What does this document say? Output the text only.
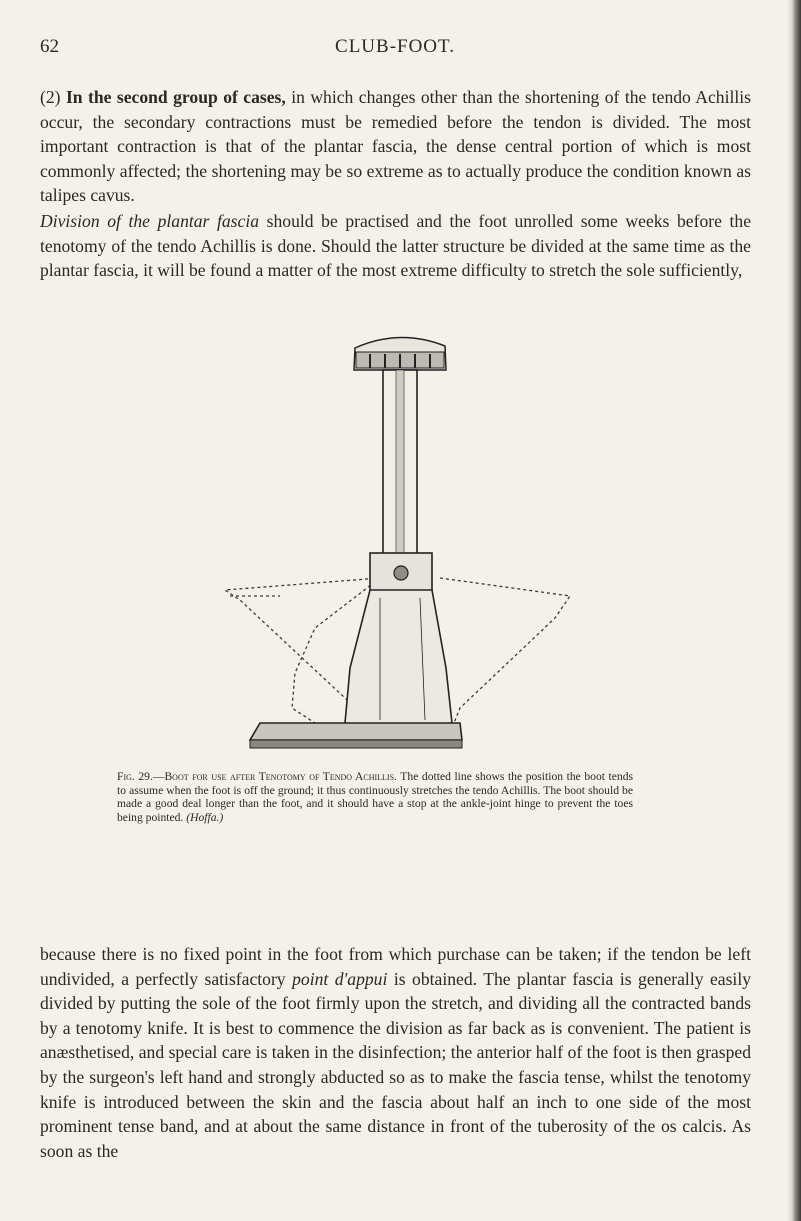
62	CLUB-FOOT.

(2) In the second group of cases, in which changes other than the shortening of the tendo Achillis occur, the secondary contractions must be remedied before the tendon is divided. The most important contraction is that of the plantar fascia, the dense central portion of which is most commonly affected; the shortening may be so extreme as to actually produce the condition known as talipes cavus.

Division of the plantar fascia should be practised and the foot unrolled some weeks before the tenotomy of the tendo Achillis is done. Should the latter structure be divided at the same time as the plantar fascia, it will be found a matter of the most extreme difficulty to stretch the sole sufficiently,

Fig. 29.—Boot for use after Tenotomy of Tendo Achillis. The dotted line shows the position the boot tends to assume when the foot is off the ground; it thus continuously stretches the tendo Achillis. The boot should be made a good deal longer than the foot, and it should have a stop at the ankle-joint hinge to prevent the toes being pointed. (Hoffa.)

because there is no fixed point in the foot from which purchase can be taken; if the tendon be left undivided, a perfectly satisfactory point d'appui is obtained. The plantar fascia is generally easily divided by putting the sole of the foot firmly upon the stretch, and dividing all the contracted bands by a tenotomy knife. It is best to commence the division as far back as is convenient. The patient is anæsthetised, and special care is taken in the disinfection; the anterior half of the foot is then grasped by the surgeon's left hand and strongly abducted so as to make the fascia tense, whilst the tenotomy knife is introduced between the skin and the fascia about half an inch to one side of the most prominent tense band, and at about the same distance in front of the tuberosity of the os calcis. As soon as the
